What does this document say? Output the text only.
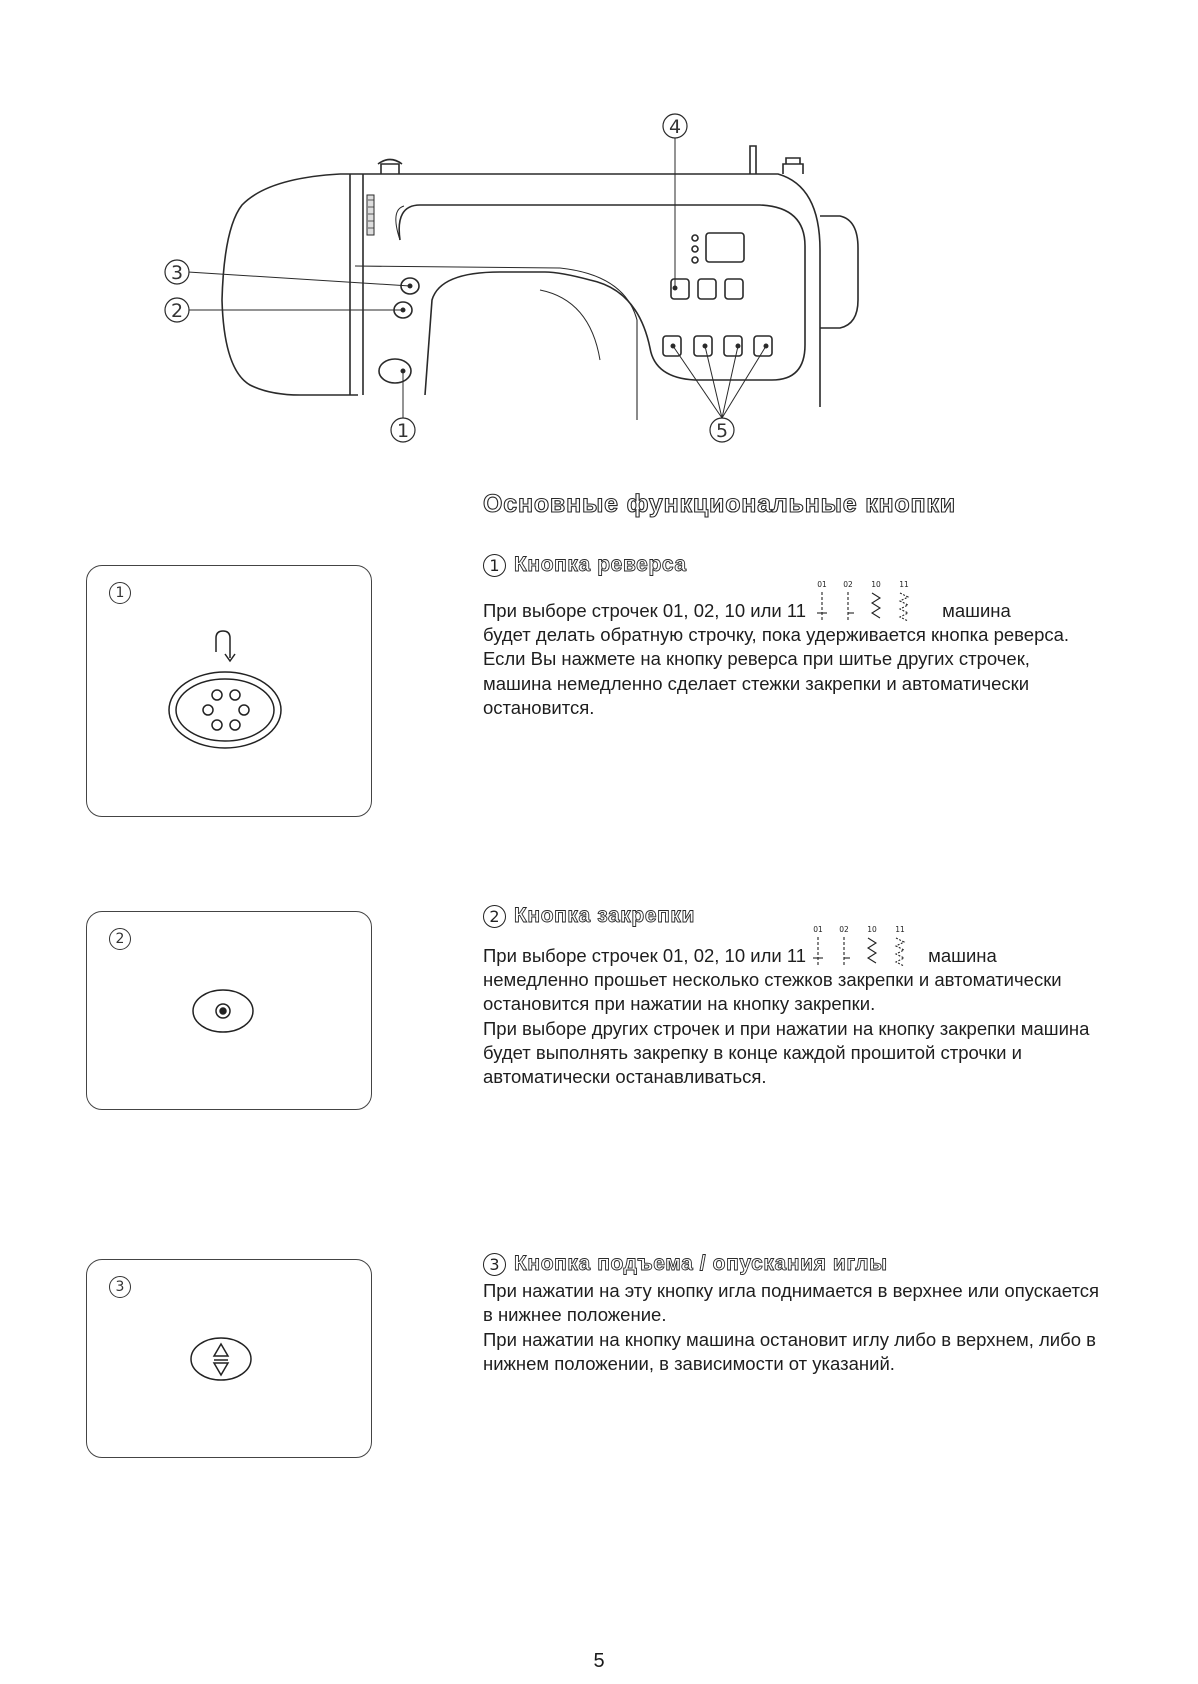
4
3
2
1	5
Основные функциональные кнопки
1 Кнопка реверса
При выборе строчек 01, 02, 10 или 11
01 02 10 11
машина

будет делать обратную строчку, пока удерживается кнопка реверса.

Если Вы нажмете на кнопку реверса при шитье других строчек, машина немедленно сделает стежки закрепки и автоматически остановится.

1
2 Кнопка закрепки
При выборе строчек 01, 02, 10 или 11
01 02 10 11
машина

немедленно прошьет несколько стежков закрепки и автоматически остановится при нажатии на кнопку закрепки.

При выборе других строчек и при нажатии на кнопку закрепки машина будет выполнять закрепку в конце каждой прошитой строчки и автоматически останавливаться.

2
3 Кнопка подъема / опускания иглы

При нажатии на эту кнопку игла поднимается в верхнее или опускается в нижнее положение.

При нажатии на кнопку машина остановит иглу либо в верхнем, либо в нижнем положении, в зависимости от указаний.

3
5
